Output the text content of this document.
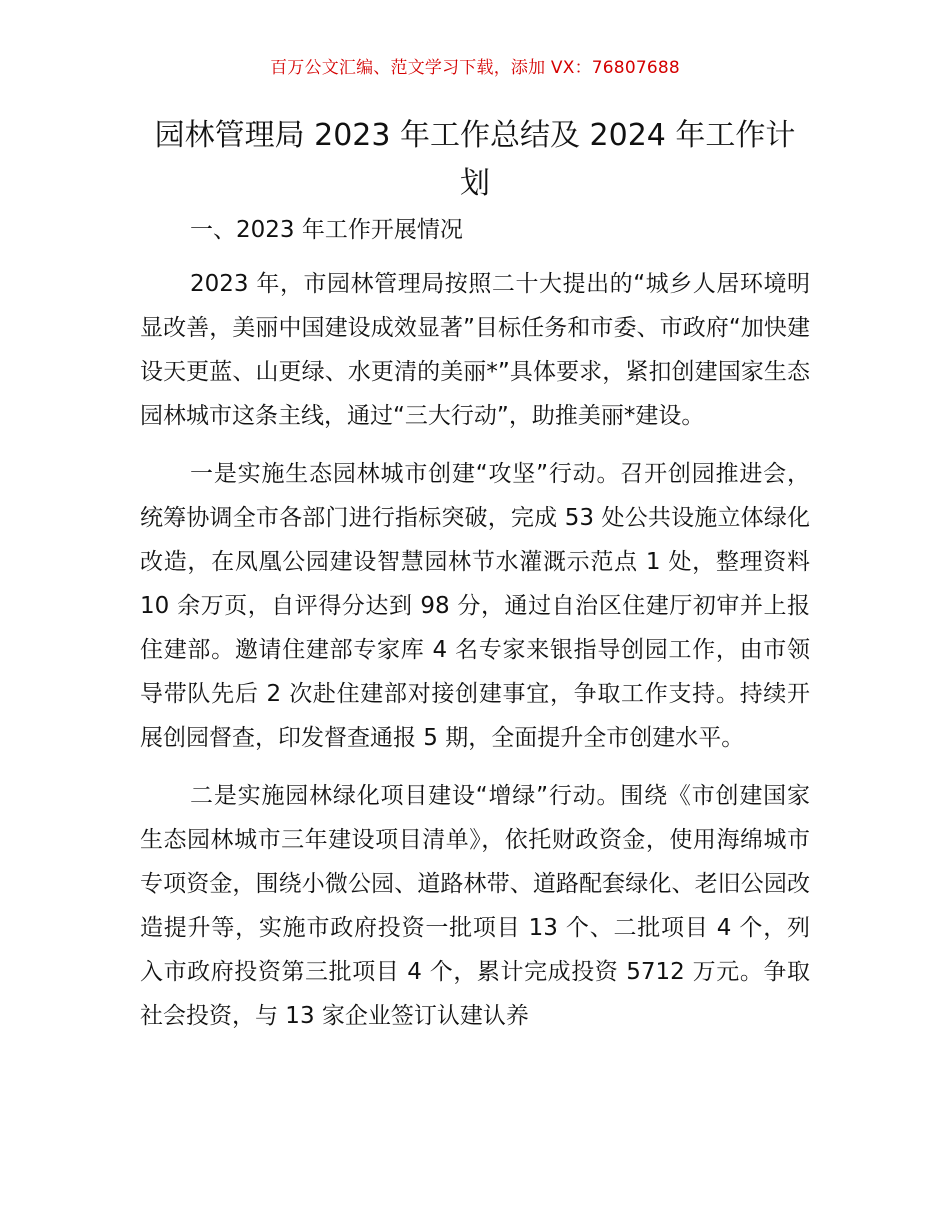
百万公文汇编、范文学习下载，添加 VX：76807688
园林管理局 2023 年工作总结及 2024 年工作计划

一、2023 年工作开展情况

2023 年，市园林管理局按照二十大提出的“城乡人居环境明显改善，美丽中国建设成效显著”目标任务和市委、市政府“加快建设天更蓝、山更绿、水更清的美丽*”具体要求，紧扣创建国家生态园林城市这条主线，通过“三大行动”，助推美丽*建设。

一是实施生态园林城市创建“攻坚”行动。召开创园推进会，统筹协调全市各部门进行指标突破，完成 53 处公共设施立体绿化改造，在凤凰公园建设智慧园林节水灌溉示范点 1 处，整理资料 10 余万页，自评得分达到 98 分，通过自治区住建厅初审并上报住建部。邀请住建部专家库 4 名专家来银指导创园工作，由市领导带队先后 2 次赴住建部对接创建事宜，争取工作支持。持续开展创园督查，印发督查通报 5 期，全面提升全市创建水平。

二是实施园林绿化项目建设“增绿”行动。围绕《市创建国家生态园林城市三年建设项目清单》，依托财政资金，使用海绵城市专项资金，围绕小微公园、道路林带、道路配套绿化、老旧公园改造提升等，实施市政府投资一批项目 13 个、二批项目 4 个，列入市政府投资第三批项目 4 个，累计完成投资 5712 万元。争取社会投资，与 13 家企业签订认建认养
